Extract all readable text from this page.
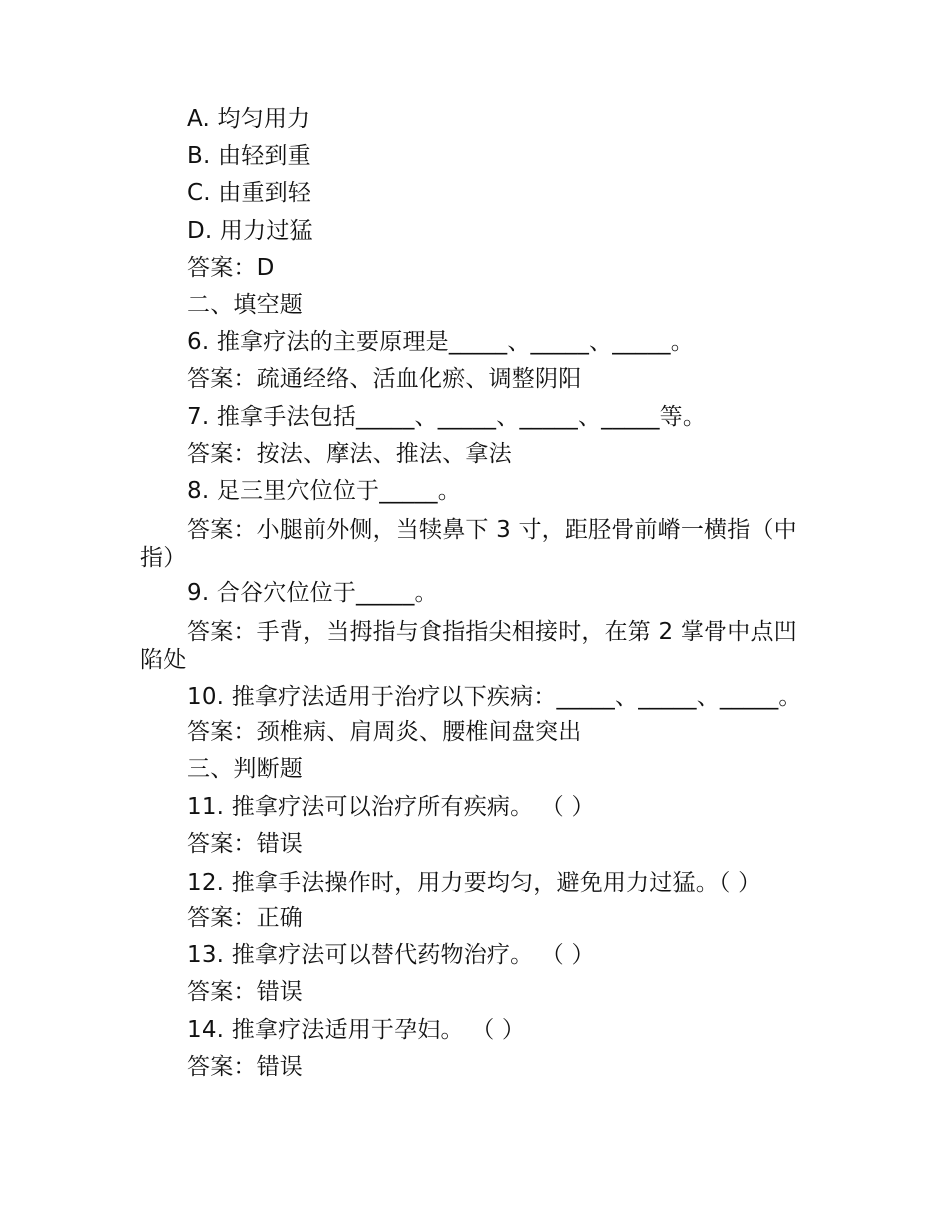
A. 均匀用力
B. 由轻到重
C. 由重到轻
D. 用力过猛
答案：D
二、填空题
6. 推拿疗法的主要原理是_____、_____、_____。
答案：疏通经络、活血化瘀、调整阴阳
7. 推拿手法包括_____、_____、_____、_____等。
答案：按法、摩法、推法、拿法
8. 足三里穴位位于_____。
答案：小腿前外侧，当犊鼻下 3 寸，距胫骨前嵴一横指（中指）
9. 合谷穴位位于_____。
答案：手背，当拇指与食指指尖相接时，在第 2 掌骨中点凹陷处
10. 推拿疗法适用于治疗以下疾病：_____、_____、_____。
答案：颈椎病、肩周炎、腰椎间盘突出
三、判断题
11. 推拿疗法可以治疗所有疾病。 （ ）
答案：错误
12. 推拿手法操作时，用力要均匀，避免用力过猛。（ ）
答案：正确
13. 推拿疗法可以替代药物治疗。 （ ）
答案：错误
14. 推拿疗法适用于孕妇。 （ ）
答案：错误
